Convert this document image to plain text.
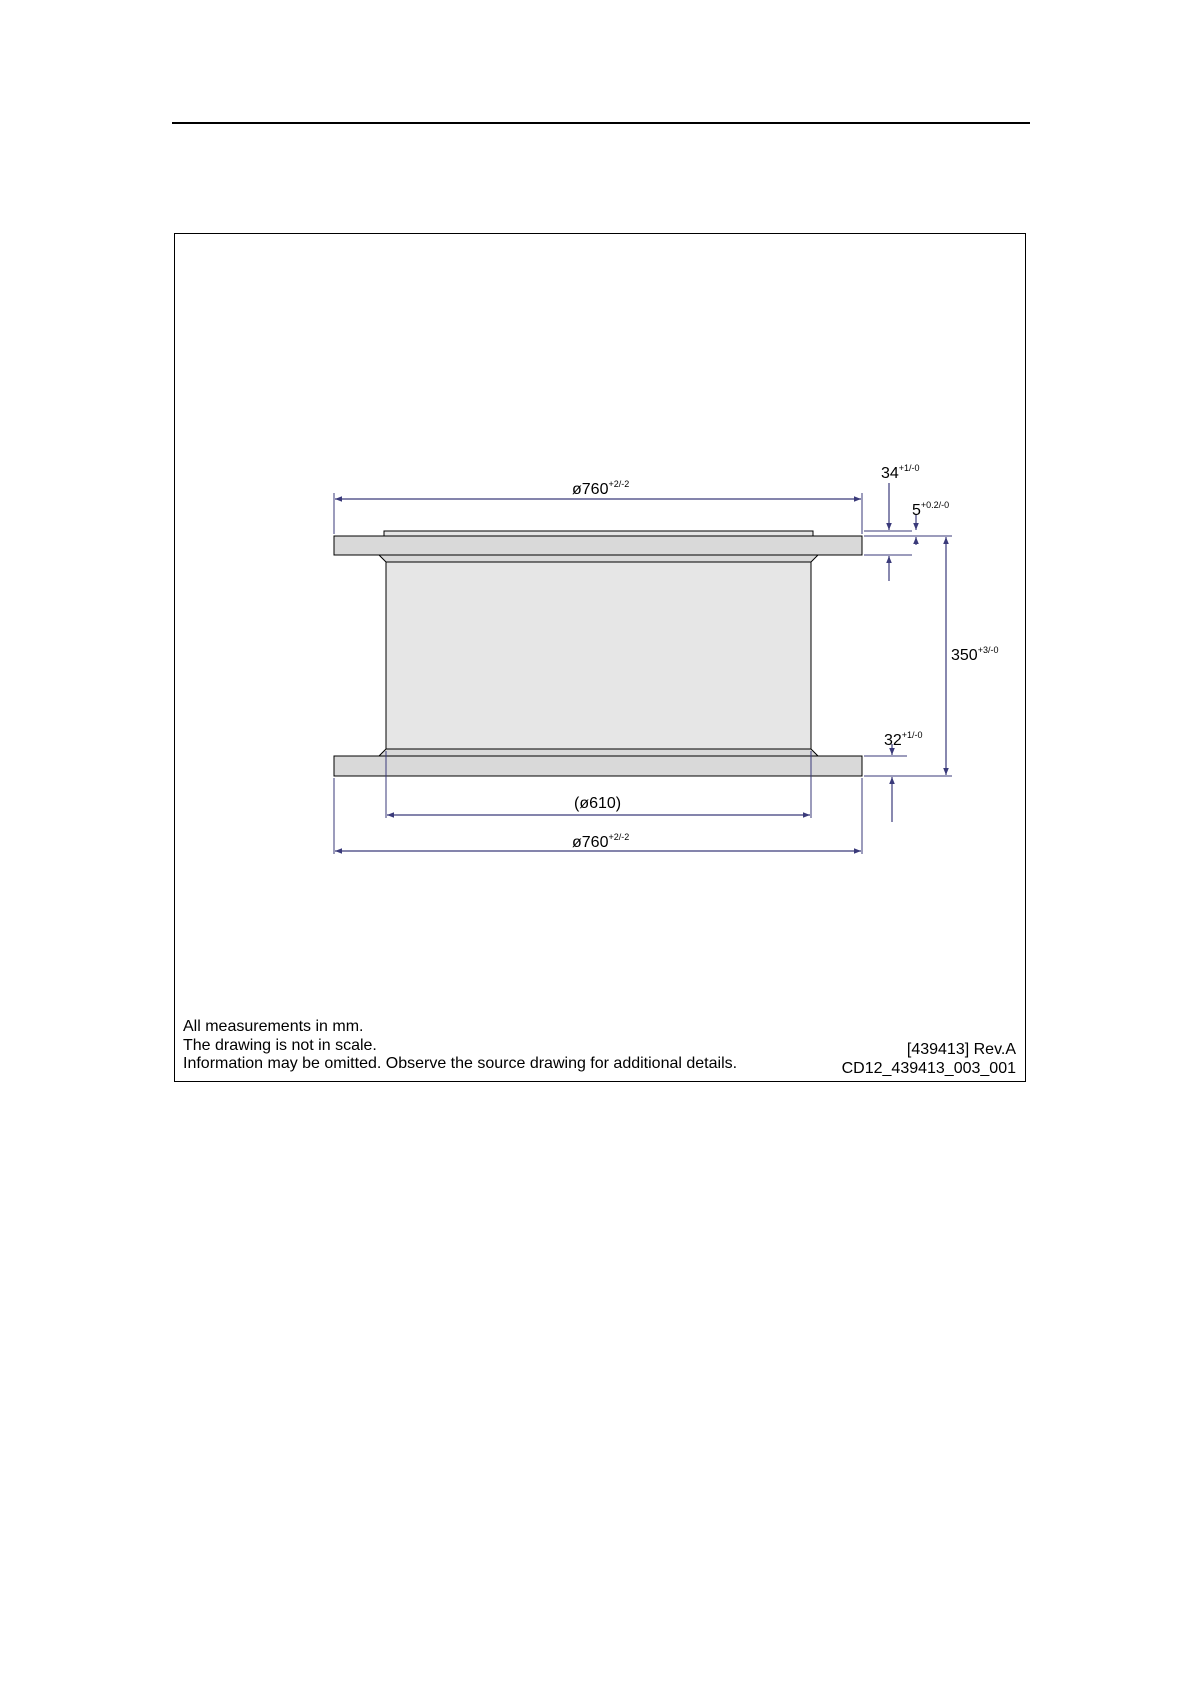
$ø760^{+2/-2}$
$ø760^{+2/-2}$
(ø610)
$34^{+1/-0}$
$5^{+0.2/-0}$
$350^{+3/-0}$
$32^{+1/-0}$
All measurements in mm.
The drawing is not in scale.
Information may be omitted. Observe the source drawing for additional details.
[439413] Rev.A
CD12_439413_003_001
